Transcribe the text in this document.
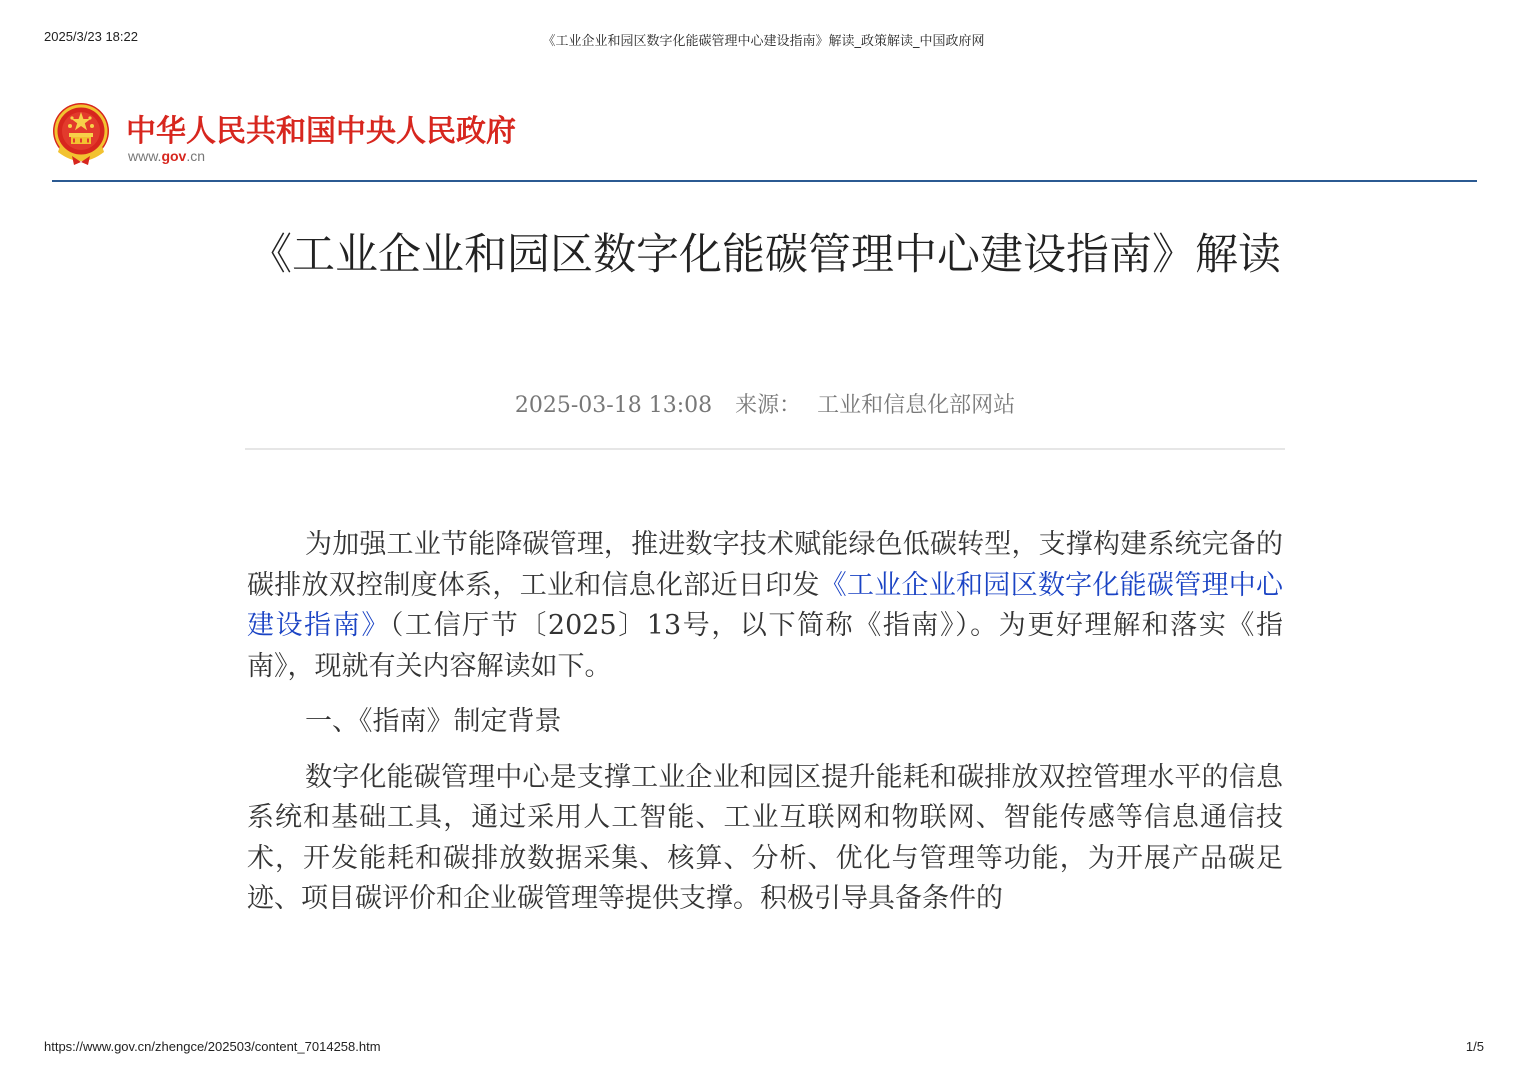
2025/3/23 18:22	《工业企业和园区数字化能碳管理中心建设指南》解读_政策解读_中国政府网
中华人民共和国中央人民政府
www.gov.cn
《工业企业和园区数字化能碳管理中心建设指南》解读
2025-03-18 13:08 来源： 工业和信息化部网站

为加强工业节能降碳管理，推进数字技术赋能绿色低碳转型，支撑构建系统完备的碳排放双控制度体系，工业和信息化部近日印发《工业企业和园区数字化能碳管理中心建设指南》（工信厅节〔2025〕13号，以下简称《指南》）。为更好理解和落实《指南》，现就有关内容解读如下。

一、《指南》制定背景

数字化能碳管理中心是支撑工业企业和园区提升能耗和碳排放双控管理水平的信息系统和基础工具，通过采用人工智能、工业互联网和物联网、智能传感等信息通信技术，开发能耗和碳排放数据采集、核算、分析、优化与管理等功能，为开展产品碳足迹、项目碳评价和企业碳管理等提供支撑。积极引导具备条件的

https://www.gov.cn/zhengce/202503/content_7014258.htm	1/5
